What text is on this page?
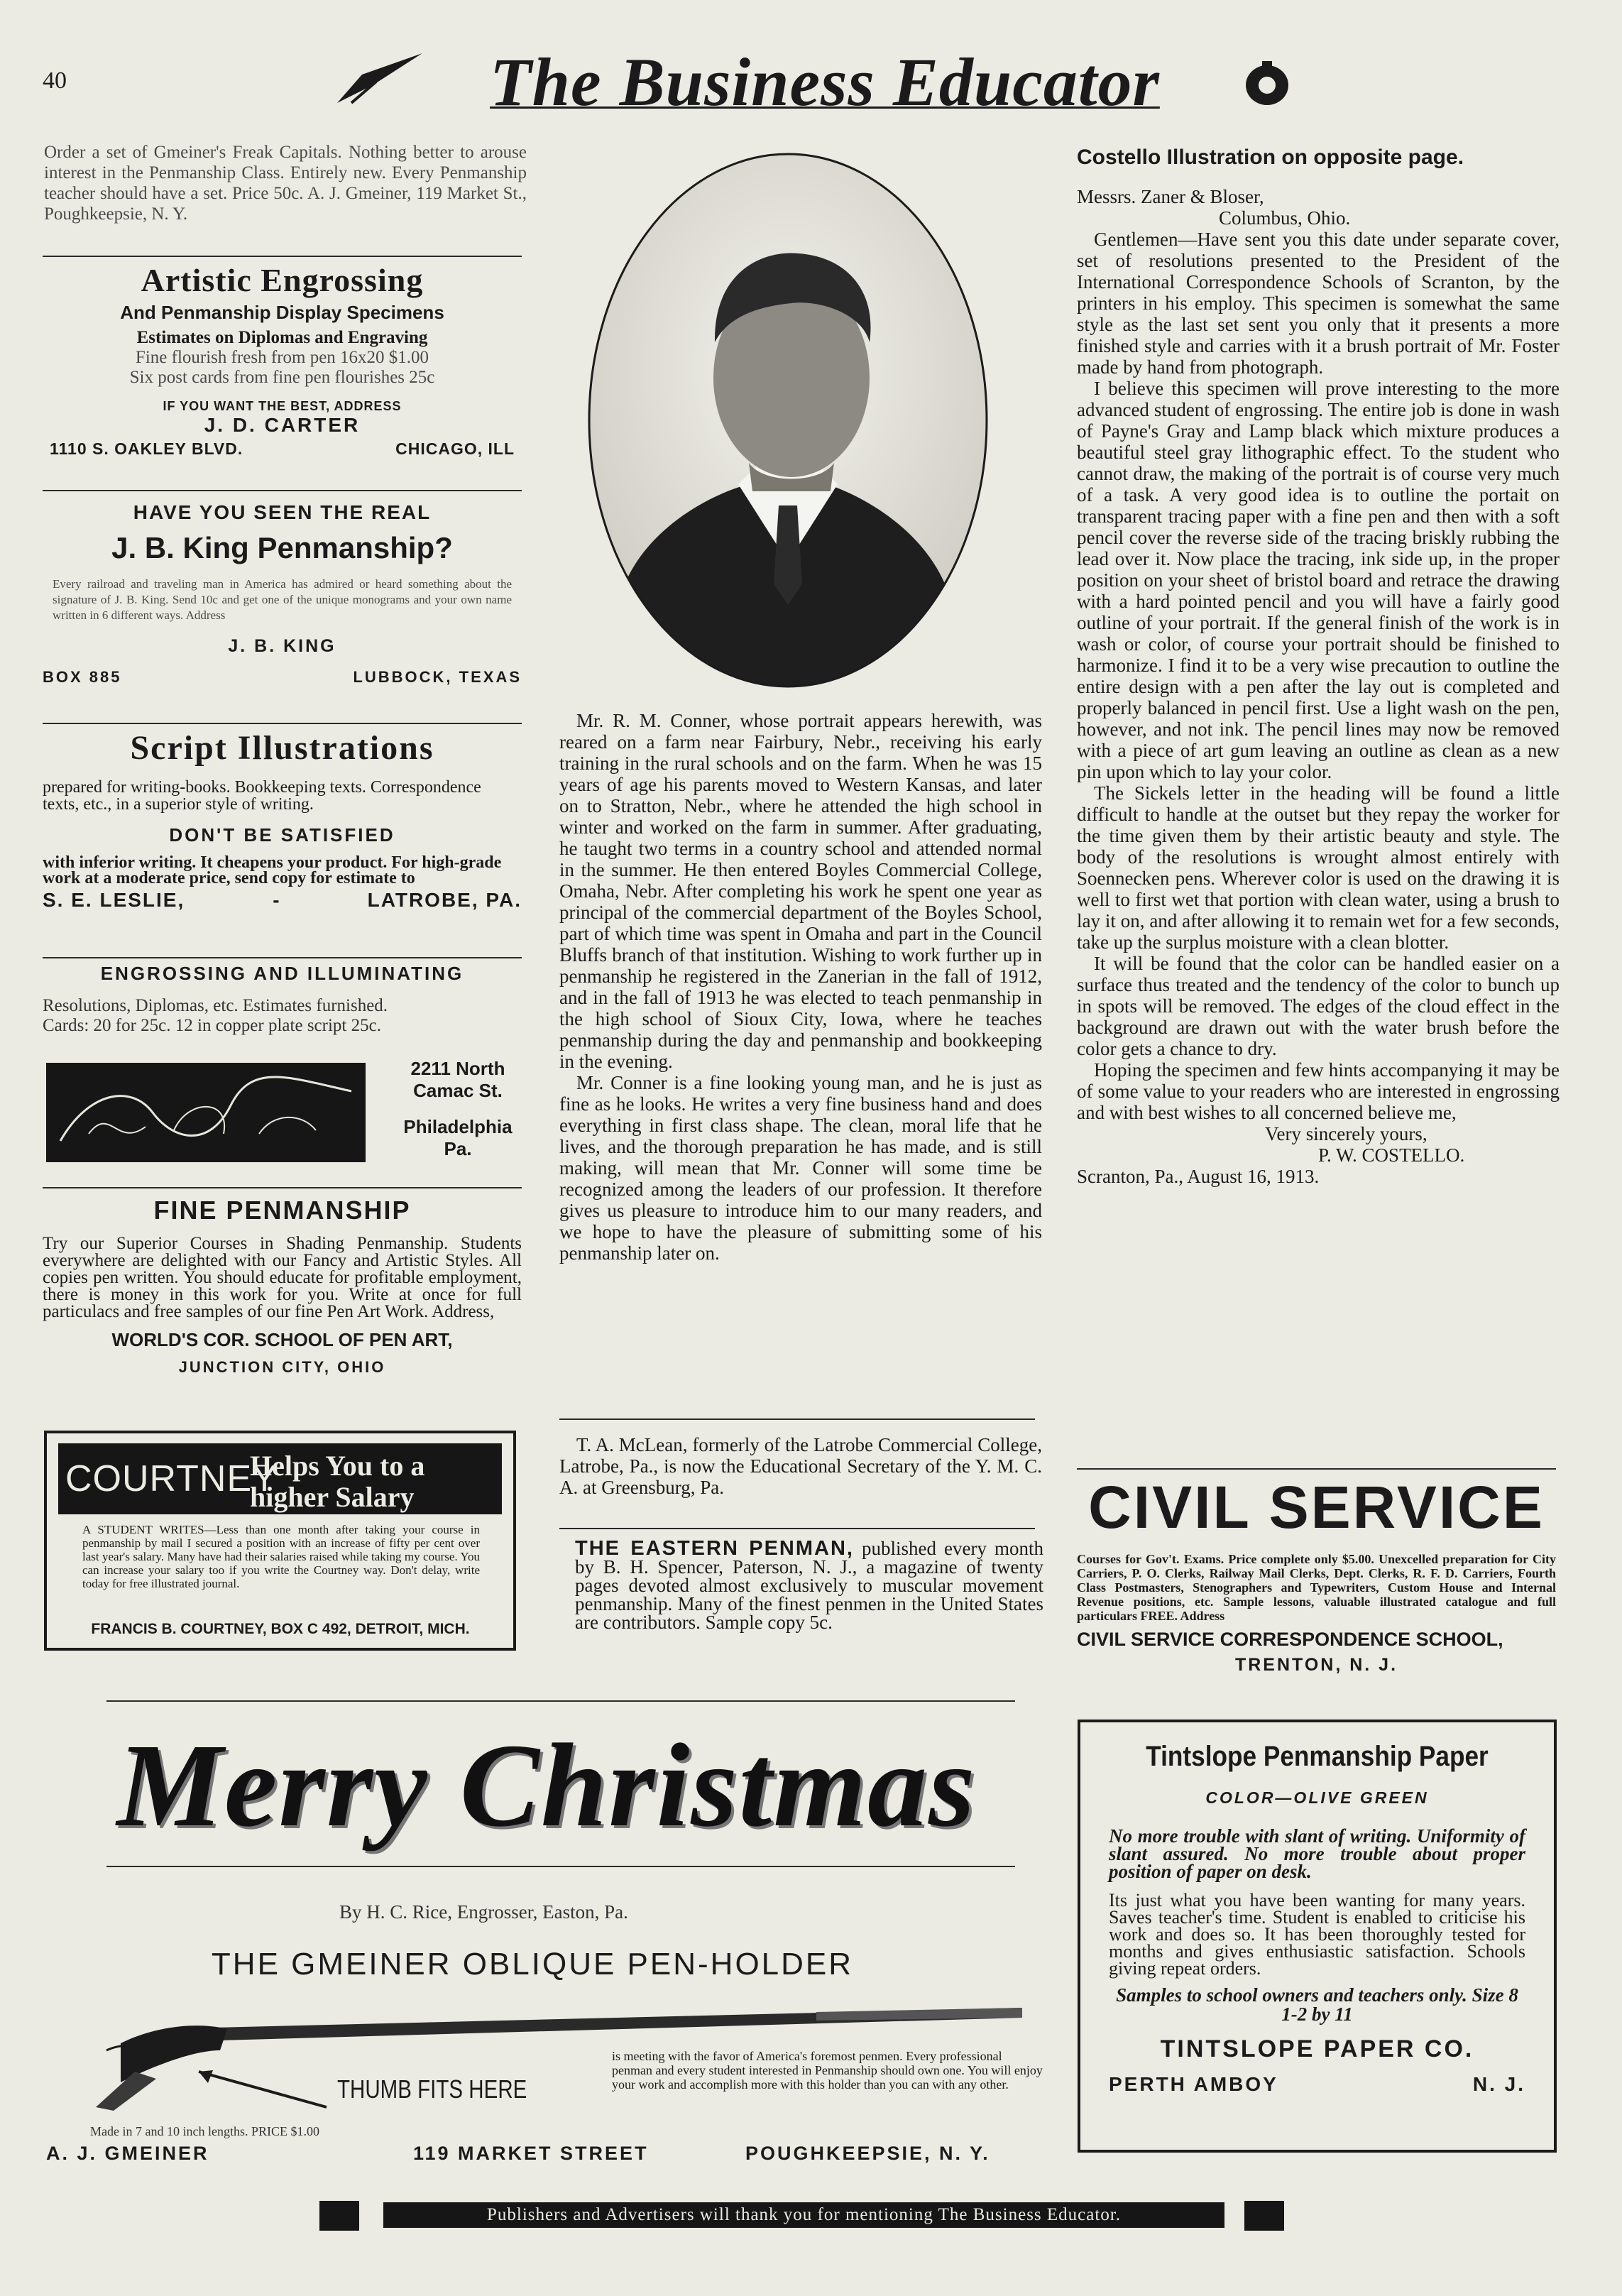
40	The Business Educator
Order a set of Gmeiner's Freak Capitals. Nothing better to arouse interest in the Penmanship Class. Entirely new. Every Penmanship teacher should have a set. Price 50c. A. J. Gmeiner, 119 Market St., Poughkeepsie, N. Y.
Artistic Engrossing
And Penmanship Display Specimens
Estimates on Diplomas and Engraving
Fine flourish fresh from pen 16x20 $1.00
Six post cards from fine pen flourishes 25c
IF YOU WANT THE BEST, ADDRESS
J. D. CARTER
1110 S. OAKLEY BLVD.	CHICAGO, ILL
HAVE YOU SEEN THE REAL
J. B. King Penmanship?
Every railroad and traveling man in America has admired or heard something about the signature of J. B. King. Send 10c and get one of the unique monograms and your own name written in 6 different ways. Address
J. B. KING
BOX 885	LUBBOCK, TEXAS
Script Illustrations
prepared for writing-books. Bookkeeping texts. Correspondence texts, etc., in a superior style of writing.
DON'T BE SATISFIED
with inferior writing. It cheapens your product. For high-grade work at a moderate price, send copy for estimate to
S. E. LESLIE,	-	LATROBE, PA.
ENGROSSING AND ILLUMINATING
Resolutions, Diplomas, etc. Estimates furnished.
Cards: 20 for 25c. 12 in copper plate script 25c.
2211 North
Camac St.
Philadelphia
Pa.
FINE PENMANSHIP
Try our Superior Courses in Shading Penmanship. Students everywhere are delighted with our Fancy and Artistic Styles. All copies pen written. You should educate for profitable employment, there is money in this work for you. Write at once for full particulacs and free samples of our fine Pen Art Work. Address,
WORLD'S COR. SCHOOL OF PEN ART,
JUNCTION CITY, OHIO
COURTNEY
Helps You to a
higher Salary
A STUDENT WRITES—Less than one month after taking your course in penmanship by mail I secured a position with an increase of fifty per cent over last year's salary. Many have had their salaries raised while taking my course. You can increase your salary too if you write the Courtney way. Don't delay, write today for free illustrated journal.
FRANCIS B. COURTNEY, BOX C 492, DETROIT, MICH.

Mr. R. M. Conner, whose portrait appears herewith, was reared on a farm near Fairbury, Nebr., receiving his early training in the rural schools and on the farm. When he was 15 years of age his parents moved to Western Kansas, and later on to Stratton, Nebr., where he attended the high school in winter and worked on the farm in summer. After graduating, he taught two terms in a country school and attended normal in the summer. He then entered Boyles Commercial College, Omaha, Nebr. After completing his work he spent one year as principal of the commercial department of the Boyles School, part of which time was spent in Omaha and part in the Council Bluffs branch of that institution. Wishing to work further up in penmanship he registered in the Zanerian in the fall of 1912, and in the fall of 1913 he was elected to teach penmanship in the high school of Sioux City, Iowa, where he teaches penmanship during the day and penmanship and bookkeeping in the evening.

Mr. Conner is a fine looking young man, and he is just as fine as he looks. He writes a very fine business hand and does everything in first class shape. The clean, moral life that he lives, and the thorough preparation he has made, and is still making, will mean that Mr. Conner will some time be recognized among the leaders of our profession. It therefore gives us pleasure to introduce him to our many readers, and we hope to have the pleasure of submitting some of his penmanship later on.

T. A. McLean, formerly of the Latrobe Commercial College, Latrobe, Pa., is now the Educational Secretary of the Y. M. C. A. at Greensburg, Pa.

THE EASTERN PENMAN, published every month by B. H. Spencer, Paterson, N. J., a magazine of twenty pages devoted almost exclusively to muscular movement penmanship. Many of the finest penmen in the United States are contributors. Sample copy 5c.
Costello Illustration on opposite page.
Messrs. Zaner & Bloser,
Columbus, Ohio.

Gentlemen—Have sent you this date under separate cover, set of resolutions presented to the President of the International Correspondence Schools of Scranton, by the printers in his employ. This specimen is somewhat the same style as the last set sent you only that it presents a more finished style and carries with it a brush portrait of Mr. Foster made by hand from photograph.

I believe this specimen will prove interesting to the more advanced student of engrossing. The entire job is done in wash of Payne's Gray and Lamp black which mixture produces a beautiful steel gray lithographic effect. To the student who cannot draw, the making of the portrait is of course very much of a task. A very good idea is to outline the portait on transparent tracing paper with a fine pen and then with a soft pencil cover the reverse side of the tracing briskly rubbing the lead over it. Now place the tracing, ink side up, in the proper position on your sheet of bristol board and retrace the drawing with a hard pointed pencil and you will have a fairly good outline of your portrait. If the general finish of the work is in wash or color, of course your portrait should be finished to harmonize. I find it to be a very wise precaution to outline the entire design with a pen after the lay out is completed and properly balanced in pencil first. Use a light wash on the pen, however, and not ink. The pencil lines may now be removed with a piece of art gum leaving an outline as clean as a new pin upon which to lay your color.

The Sickels letter in the heading will be found a little difficult to handle at the outset but they repay the worker for the time given them by their artistic beauty and style. The body of the resolutions is wrought almost entirely with Soennecken pens. Wherever color is used on the drawing it is well to first wet that portion with clean water, using a brush to lay it on, and after allowing it to remain wet for a few seconds, take up the surplus moisture with a clean blotter.

It will be found that the color can be handled easier on a surface thus treated and the tendency of the color to bunch up in spots will be removed. The edges of the cloud effect in the background are drawn out with the water brush before the color gets a chance to dry.

Hoping the specimen and few hints accompanying it may be of some value to your readers who are interested in engrossing and with best wishes to all concerned believe me,

Very sincerely yours,
P. W. COSTELLO.
Scranton, Pa., August 16, 1913.
CIVIL SERVICE
Courses for Gov't. Exams. Price complete only $5.00. Unexcelled preparation for City Carriers, P. O. Clerks, Railway Mail Clerks, Dept. Clerks, R. F. D. Carriers, Fourth Class Postmasters, Stenographers and Typewriters, Custom House and Internal Revenue positions, etc. Sample lessons, valuable illustrated catalogue and full particulars FREE. Address
CIVIL SERVICE CORRESPONDENCE SCHOOL,
TRENTON, N. J.
Merry Christmas
By H. C. Rice, Engrosser, Easton, Pa.
THE GMEINER OBLIQUE PEN-HOLDER
THUMB FITS HERE
is meeting with the favor of America's foremost penmen. Every professional penman and every student interested in Penmanship should own one. You will enjoy your work and accomplish more with this holder than you can with any other.
Made in 7 and 10 inch lengths. PRICE $1.00
A. J. GMEINER	119 MARKET STREET	POUGHKEEPSIE, N. Y.
Tintslope Penmanship Paper
COLOR—OLIVE GREEN
No more trouble with slant of writing. Uniformity of slant assured. No more trouble about proper position of paper on desk.
Its just what you have been wanting for many years. Saves teacher's time. Student is enabled to criticise his work and does so. It has been thoroughly tested for months and gives enthusiastic satisfaction. Schools giving repeat orders.
Samples to school owners and teachers only. Size 8 1-2 by 11
TINTSLOPE PAPER CO.
PERTH AMBOY	N. J.
Publishers and Advertisers will thank you for mentioning The Business Educator.
